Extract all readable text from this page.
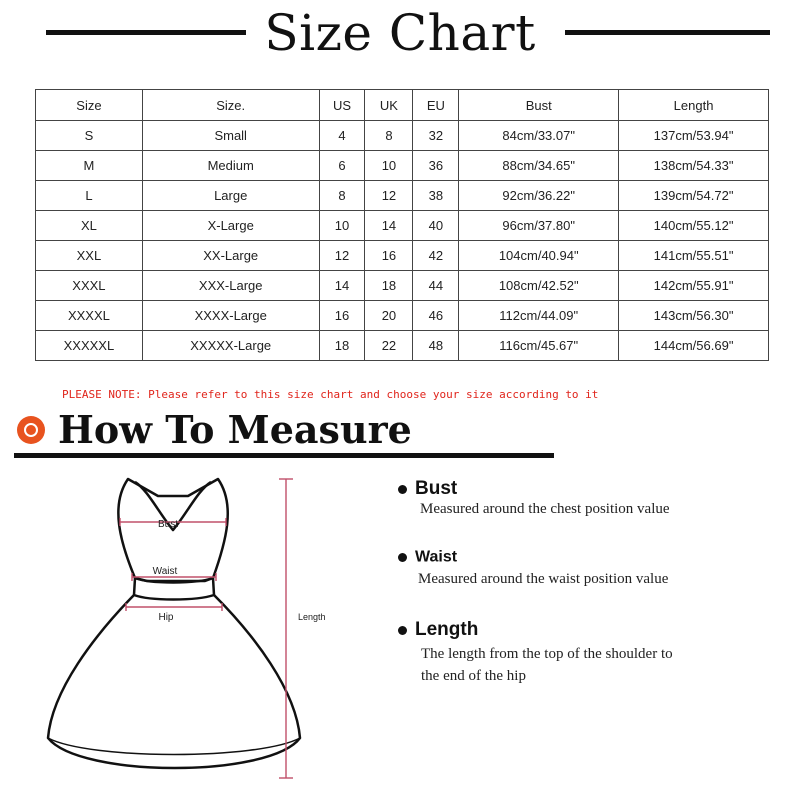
Size Chart
Size	Size.	US	UK	EU	Bust	Length
S	Small	4	8	32	84cm/33.07"	137cm/53.94"
M	Medium	6	10	36	88cm/34.65"	138cm/54.33"
L	Large	8	12	38	92cm/36.22"	139cm/54.72"
XL	X-Large	10	14	40	96cm/37.80"	140cm/55.12"
XXL	XX-Large	12	16	42	104cm/40.94"	141cm/55.51"
XXXL	XXX-Large	14	18	44	108cm/42.52"	142cm/55.91"
XXXXL	XXXX-Large	16	20	46	112cm/44.09"	143cm/56.30"
XXXXXL	XXXXX-Large	18	22	48	116cm/45.67"	144cm/56.69"
PLEASE NOTE: Please refer to this size chart and choose your size according to it
How To Measure
Bust
Waist
Hip	Length
Bust
Measured around the chest position value
Waist
Measured around the waist position value
Length
The length from the top of the shoulder to
the end of the hip
